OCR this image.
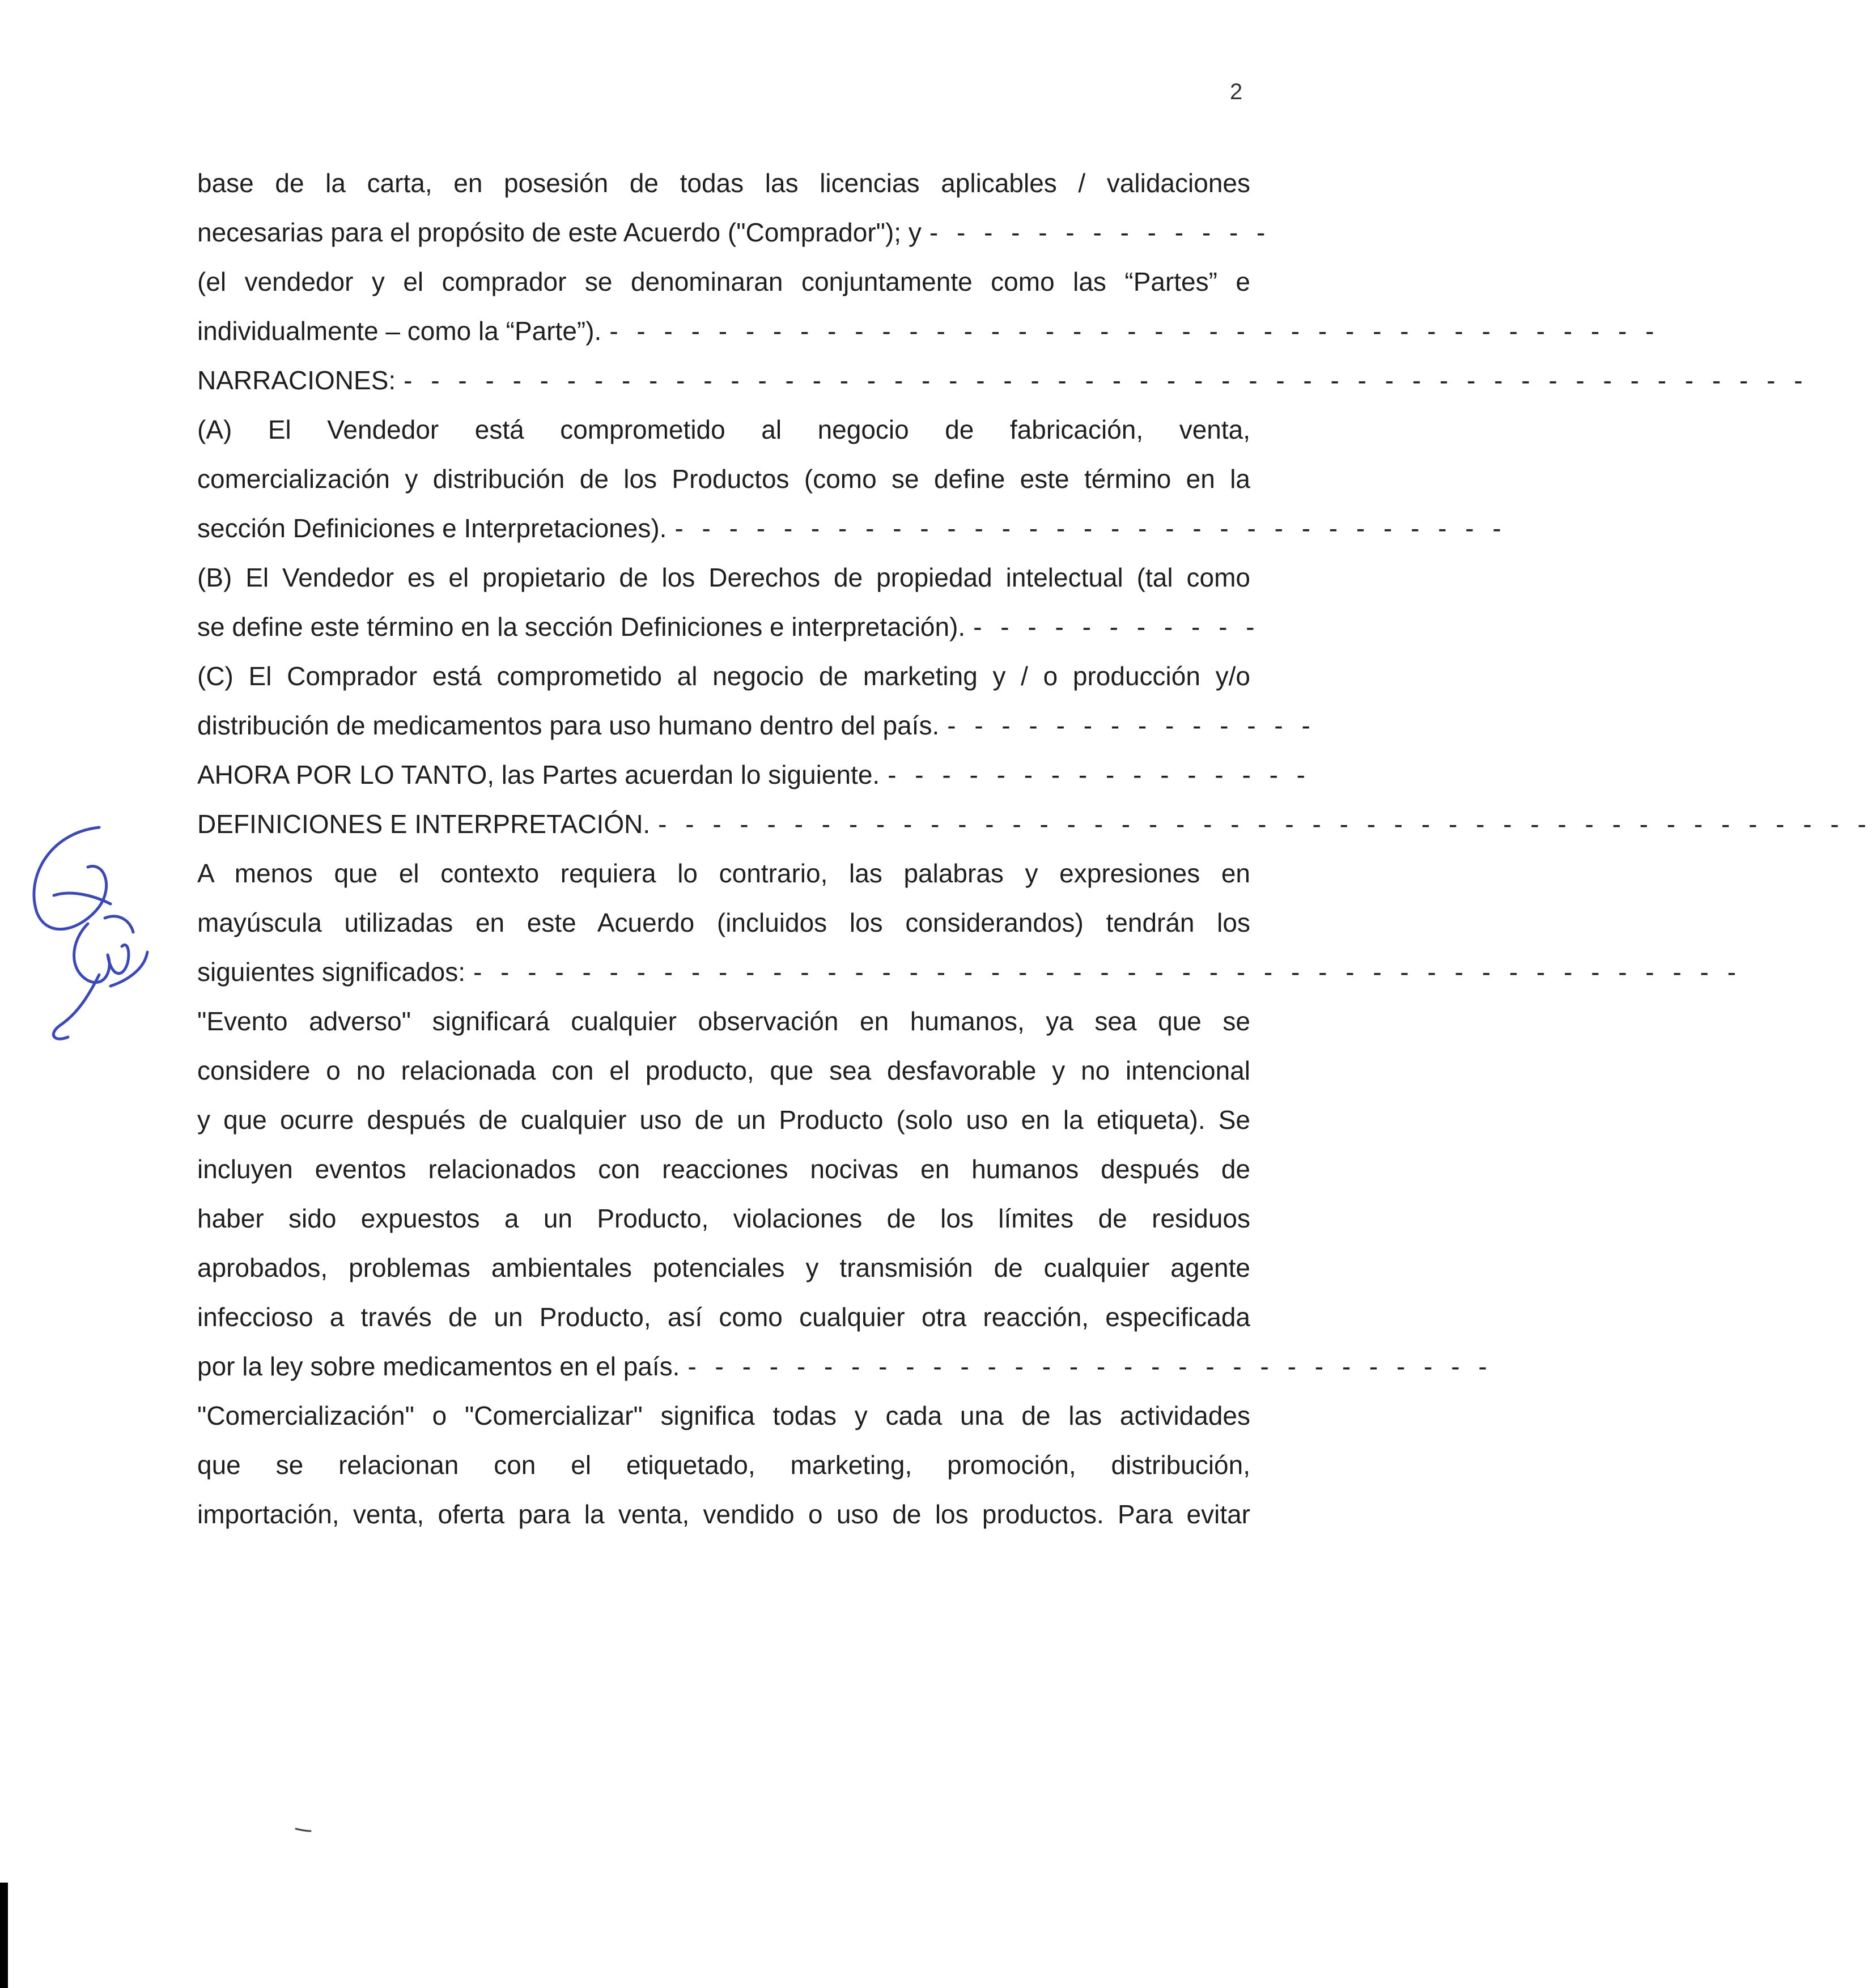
2
base de la carta, en posesión de todas las licencias aplicables / validaciones
necesarias para el propósito de este Acuerdo ("Comprador"); y - - - - - - - - - - - - -
(el vendedor y el comprador se denominaran conjuntamente como las “Partes” e
individualmente – como la “Parte”). - - - - - - - - - - - - - - - - - - - - - - - - - - - - - - - - - - - - - - -
NARRACIONES: - - - - - - - - - - - - - - - - - - - - - - - - - - - - - - - - - - - - - - - - - - - - - - - - - - - -
(A) El Vendedor está comprometido al negocio de fabricación, venta,
comercialización y distribución de los Productos (como se define este término en la
sección Definiciones e Interpretaciones). - - - - - - - - - - - - - - - - - - - - - - - - - - - - - - -
(B) El Vendedor es el propietario de los Derechos de propiedad intelectual (tal como
se define este término en la sección Definiciones e interpretación). - - - - - - - - - - -
(C) El Comprador está comprometido al negocio de marketing y / o producción y/o
distribución de medicamentos para uso humano dentro del país. - - - - - - - - - - - - - -
AHORA POR LO TANTO, las Partes acuerdan lo siguiente. - - - - - - - - - - - - - - - -
DEFINICIONES E INTERPRETACIÓN. - - - - - - - - - - - - - - - - - - - - - - - - - - - - - - - - - - - - - - - - - - - - -
A menos que el contexto requiera lo contrario, las palabras y expresiones en
mayúscula utilizadas en este Acuerdo (incluidos los considerandos) tendrán los
siguientes significados: - - - - - - - - - - - - - - - - - - - - - - - - - - - - - - - - - - - - - - - - - - - - - - -
"Evento adverso" significará cualquier observación en humanos, ya sea que se
considere o no relacionada con el producto, que sea desfavorable y no intencional
y que ocurre después de cualquier uso de un Producto (solo uso en la etiqueta). Se
incluyen eventos relacionados con reacciones nocivas en humanos después de
haber sido expuestos a un Producto, violaciones de los límites de residuos
aprobados, problemas ambientales potenciales y transmisión de cualquier agente
infeccioso a través de un Producto, así como cualquier otra reacción, especificada
por la ley sobre medicamentos en el país. - - - - - - - - - - - - - - - - - - - - - - - - - - - - - -
"Comercialización" o "Comercializar" significa todas y cada una de las actividades
que se relacionan con el etiquetado, marketing, promoción, distribución,
importación, venta, oferta para la venta, vendido o uso de los productos. Para evitar
